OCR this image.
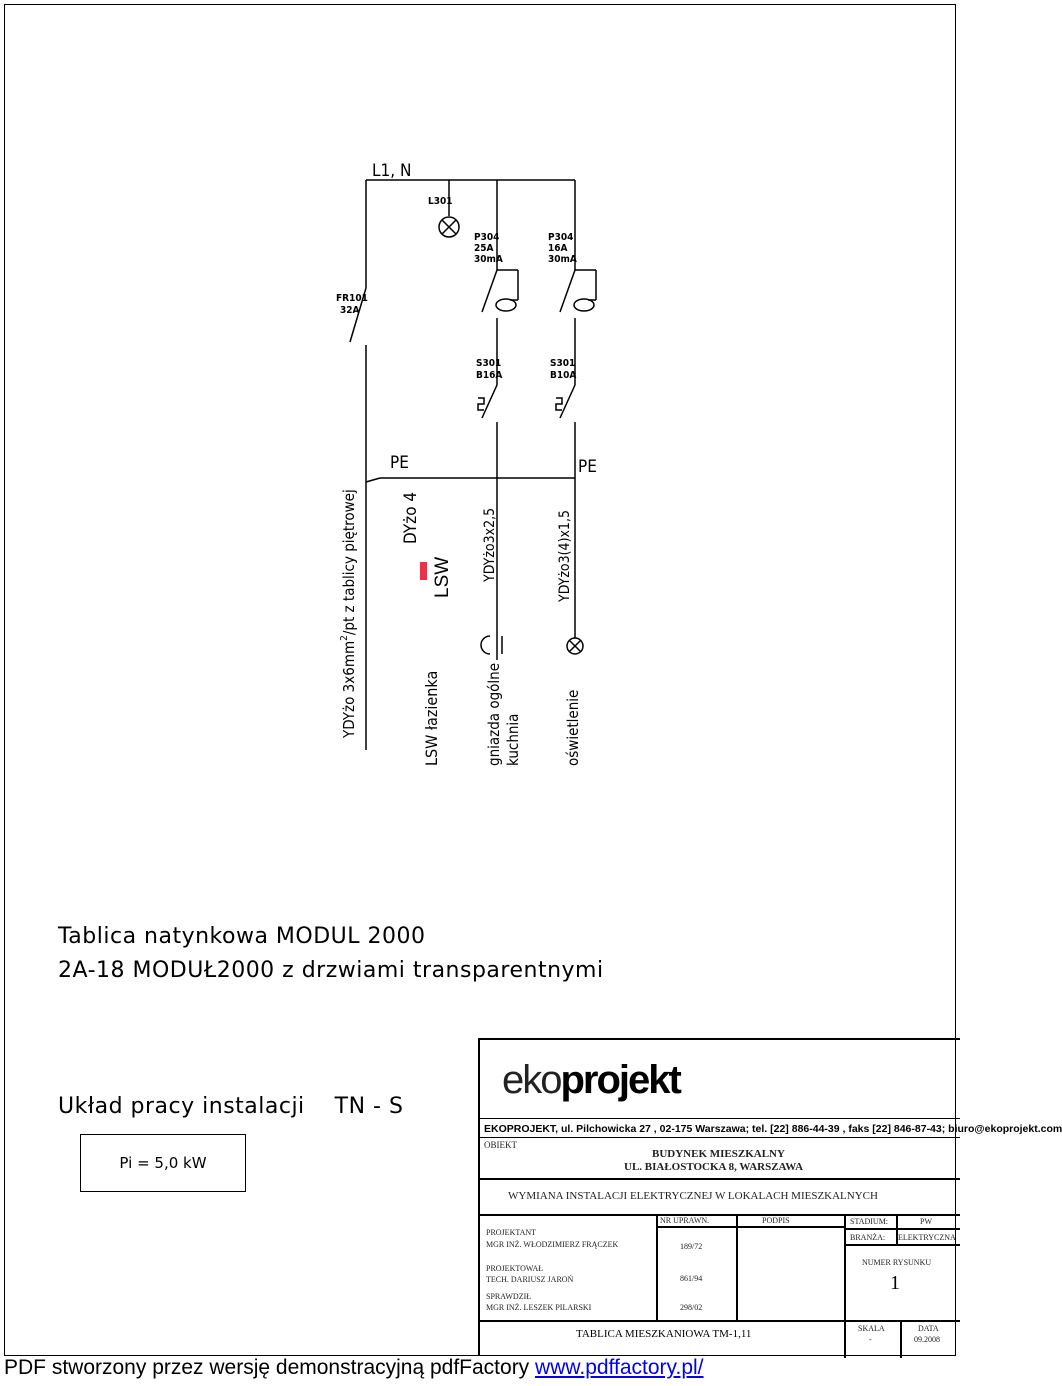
L1, N
L301
FR101
32A
P304
25A
30mA
P304
16A
30mA
S301
B16A
S301
B10A
PE	PE
YDYżo $3x6mm^2/pt$ z tablicy piętrowej	DYżo 4
LSW
LSW łazienka
YDYżo3x2,5	YDYżo3(4)x1,5
gniazda ogólne kuchnia	oświetlenie
Tablica natynkowa MODUL 2000
2A-18 MODUŁ2000 z drzwiami transparentnymi
Układ pracy instalacji    TN - S
Pi = 5,0 kW
ekoprojekt
EKOPROJEKT, ul. Pilchowicka 27 , 02-175 Warszawa; tel. [22] 886-44-39 , faks [22] 846-87-43; biuro@ekoprojekt.com
OBIEKT
BUDYNEK MIESZKALNY
UL. BIAŁOSTOCKA 8, WARSZAWA
WYMIANA INSTALACJI ELEKTRYCZNEJ W LOKALACH MIESZKALNYCH
NR UPRAWN.	PODPIS	STADIUM:	PW
BRANŻA: ELEKTRYCZNA
PROJEKTANT
MGR INŻ. WŁODZIMIERZ FRĄCZEK	189/72
PROJEKTOWAŁ
TECH. DARIUSZ JAROŃ	861/94
SPRAWDZIŁ
MGR INŻ. LESZEK PILARSKI	298/02
NUMER RYSUNKU
1
TABLICA MIESZKANIOWA TM-1,11	SKALA
-
DATA
09.2008
PDF stworzony przez wersję demonstracyjną pdfFactory www.pdffactory.pl/
